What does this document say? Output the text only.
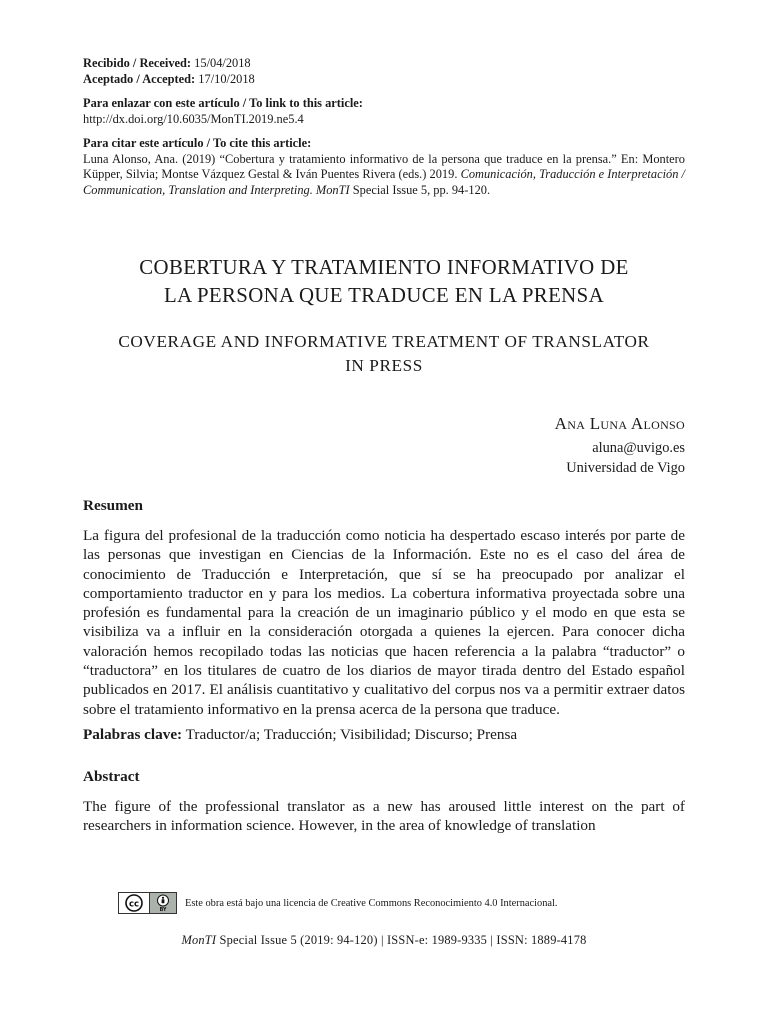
Recibido / Received: 15/04/2018

Aceptado / Accepted: 17/10/2018

Para enlazar con este artículo / To link to this article:

http://dx.doi.org/10.6035/MonTI.2019.ne5.4

Para citar este artículo / To cite this article:

Luna Alonso, Ana. (2019) “Cobertura y tratamiento informativo de la persona que traduce en la prensa.” En: Montero Küpper, Silvia; Montse Vázquez Gestal & Iván Puentes Rivera (eds.) 2019. Comunicación, Traducción e Interpretación / Communication, Translation and Interpreting. MonTI Special Issue 5, pp. 94-120.

COBERTURA Y TRATAMIENTO INFORMATIVO DE
LA PERSONA QUE TRADUCE EN LA PRENSA
COVERAGE AND INFORMATIVE TREATMENT OF TRANSLATOR
IN PRESS
Ana Luna Alonso
aluna@uvigo.es
Universidad de Vigo
Resumen

La figura del profesional de la traducción como noticia ha despertado escaso interés por parte de las personas que investigan en Ciencias de la Información. Este no es el caso del área de conocimiento de Traducción e Interpretación, que sí se ha preocupado por analizar el comportamiento traductor en y para los medios. La cobertura informativa proyectada sobre una profesión es fundamental para la creación de un imaginario público y el modo en que esta se visibiliza va a influir en la consideración otorgada a quienes la ejercen. Para conocer dicha valoración hemos recopilado todas las noticias que hacen referencia a la palabra “traductor” o “traductora” en los titulares de cuatro de los diarios de mayor tirada dentro del Estado español publicados en 2017. El análisis cuantitativo y cualitativo del corpus nos va a permitir extraer datos sobre el tratamiento informativo en la prensa acerca de la persona que traduce.

Palabras clave: Traductor/a; Traducción; Visibilidad; Discurso; Prensa

Abstract

The figure of the professional translator as a new has aroused little interest on the part of researchers in information science. However, in the area of knowledge of translation

cc
BY
Este obra está bajo una licencia de Creative Commons Reconocimiento 4.0 Internacional.
MonTI Special Issue 5 (2019: 94-120) | ISSN-e: 1989-9335 | ISSN: 1889-4178
